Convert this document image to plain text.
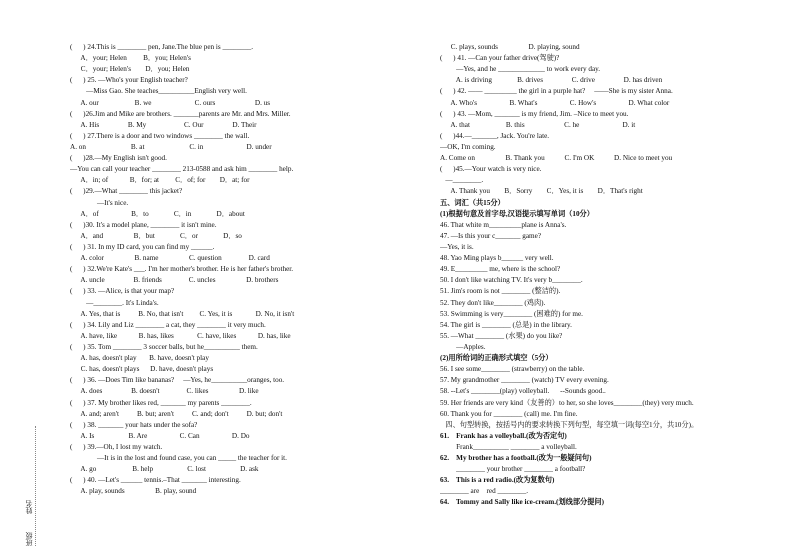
(      ) 24.This is ________ pen, Jane.The blue pen is ________.
A．your; Helen         B．you; Helen's
C．your; Helen's        D．you; Helen
(      ) 25. —Who's your English teacher?
—Miss Gao. She teaches__________English very well.
A. our                    B. we                        C. ours                      D. us
(      )26.Jim and Mike are brothers. _______parents are Mr. and Mrs. Miller.
A. His                B. My                     C. Our                D. Their
(      ) 27.There is a door and two windows ________ the wall.
A. on                         B. at                         C. in                        D. under
(      )28.—My English isn't good.
—You can call your teacher ________ 213-0588 and ask him ________ help.
A．in; of            B．for; at         C．of; for        D．at; for
(      )29.—What ________ this jacket?
—It's nice.
A．of                  B．to              C．in              D．about
(      )30. It's a model plane, ________ it isn't mine.
A．and                 B．but              C．or              D．so
(      ) 31. In my ID card, you can find my ______.
A. color                 B. name                 C. question               D. card
(      ) 32.We're Kate's ___. I'm her mother's brother. He is her father's brother.
A. uncle                B. friends               C. uncles                 D. brothers
(      ) 33. —Alice, is that your map?
—________. It's Linda's.
A. Yes, that is          B. No, that isn't         C. Yes, it is             D. No, it isn't
(      ) 34. Lily and Liz ________ a cat, they ________ it very much.
A. have, like            B. has, likes             C. have, likes            D. has, like
(      ) 35. Tom ________ 3 soccer balls, but he__________ them.
A. has, doesn't play       B. have, doesn't play
C. has, doesn't plays      D. have, doesn't plays
(      ) 36. —Does Tim like bananas?     —Yes, he__________oranges, too.
A. does                B. doesn't               C. likes                 D. like
(      ) 37. My brother likes red, _______ my parents ________.
A. and; aren't          B. but; aren't          C. and; don't          D. but; don't
(      ) 38. _______ your hats under the sofa?
A. Is                   B. Are                  C. Can                  D. Do
(      ) 39.—Oh, I lost my watch.
—It is in the lost and found case, you can _____ the teacher for it.
A. go                    B. help                   C. lost                   D. ask
(      ) 40. —Let's ______ tennis.–That _______ interesting.
A. play, sounds                 B. play, sound
C. plays, sounds                 D. playing, sound
(      ) 41. —Can your father drive(驾驶)?
—Yes, and he _____________ to work every day.
A. is driving              B. drives                C. drive                D. has driven
(      ) 42. —— _________ the girl in a purple hat?     ——She is my sister Anna.
A. Who's                  B. What's                  C. How's                  D. What color
(      ) 43. —Mom, _______ is my friend, Jim. –Nice to meet you.
A. that                    B. this                      C. he                        D. it
(      )44.—_______, Jack. You're late.
—OK, I'm coming.
A. Come on                 B. Thank you           C. I'm OK           D. Nice to meet you
(      )45.—Your watch is very nice.
—________.
A. Thank you        B．Sorry        C．Yes, it is        D．That's right
五、词汇（共15分）
(1)根据句意及首字母,汉语提示填写单词（10分）
46. That white m_________plane is Anna's.
47. —Is this your c_______ game?
—Yes, it is.
48. Yao Ming plays b______ very well.
49. E_________ me, where is the school?
50. I don't like watching TV. It's very b________.
51. Jim's room is not ________ (整洁的).
52. They don't like________ (鸡肉).
53. Swimming is very________ (困难的) for me.
54. The girl is ________ (总是) in the library.
55. —What ________ (水果) do you like?
—Apples.
(2)用所给词的正确形式填空（5分）
56. I see some________ (strawberry) on the table.
57. My grandmother ________ (watch) TV every evening.
58. --Let's ________(play) volleyball.      --Sounds good..
59. Her friends are very kind（友善的）to her, so she loves________(they) very much.
60. Thank you for ________ (call) me. I'm fine.
四、句型转换，按括号内的要求转换下列句型，每空填一词(每空1分，共10分)。
61.    Frank has a volleyball.(改为否定句)
Frank__________ ________ a volleyball.
62.    My brother has a football.(改为一般疑问句)
________ your brother ________ a football?
63.    This is a red radio.(改为复数句)
________ are    red ________.
64.    Tommy and Sally like ice-cream.(划线部分提问)
班级
姓名
